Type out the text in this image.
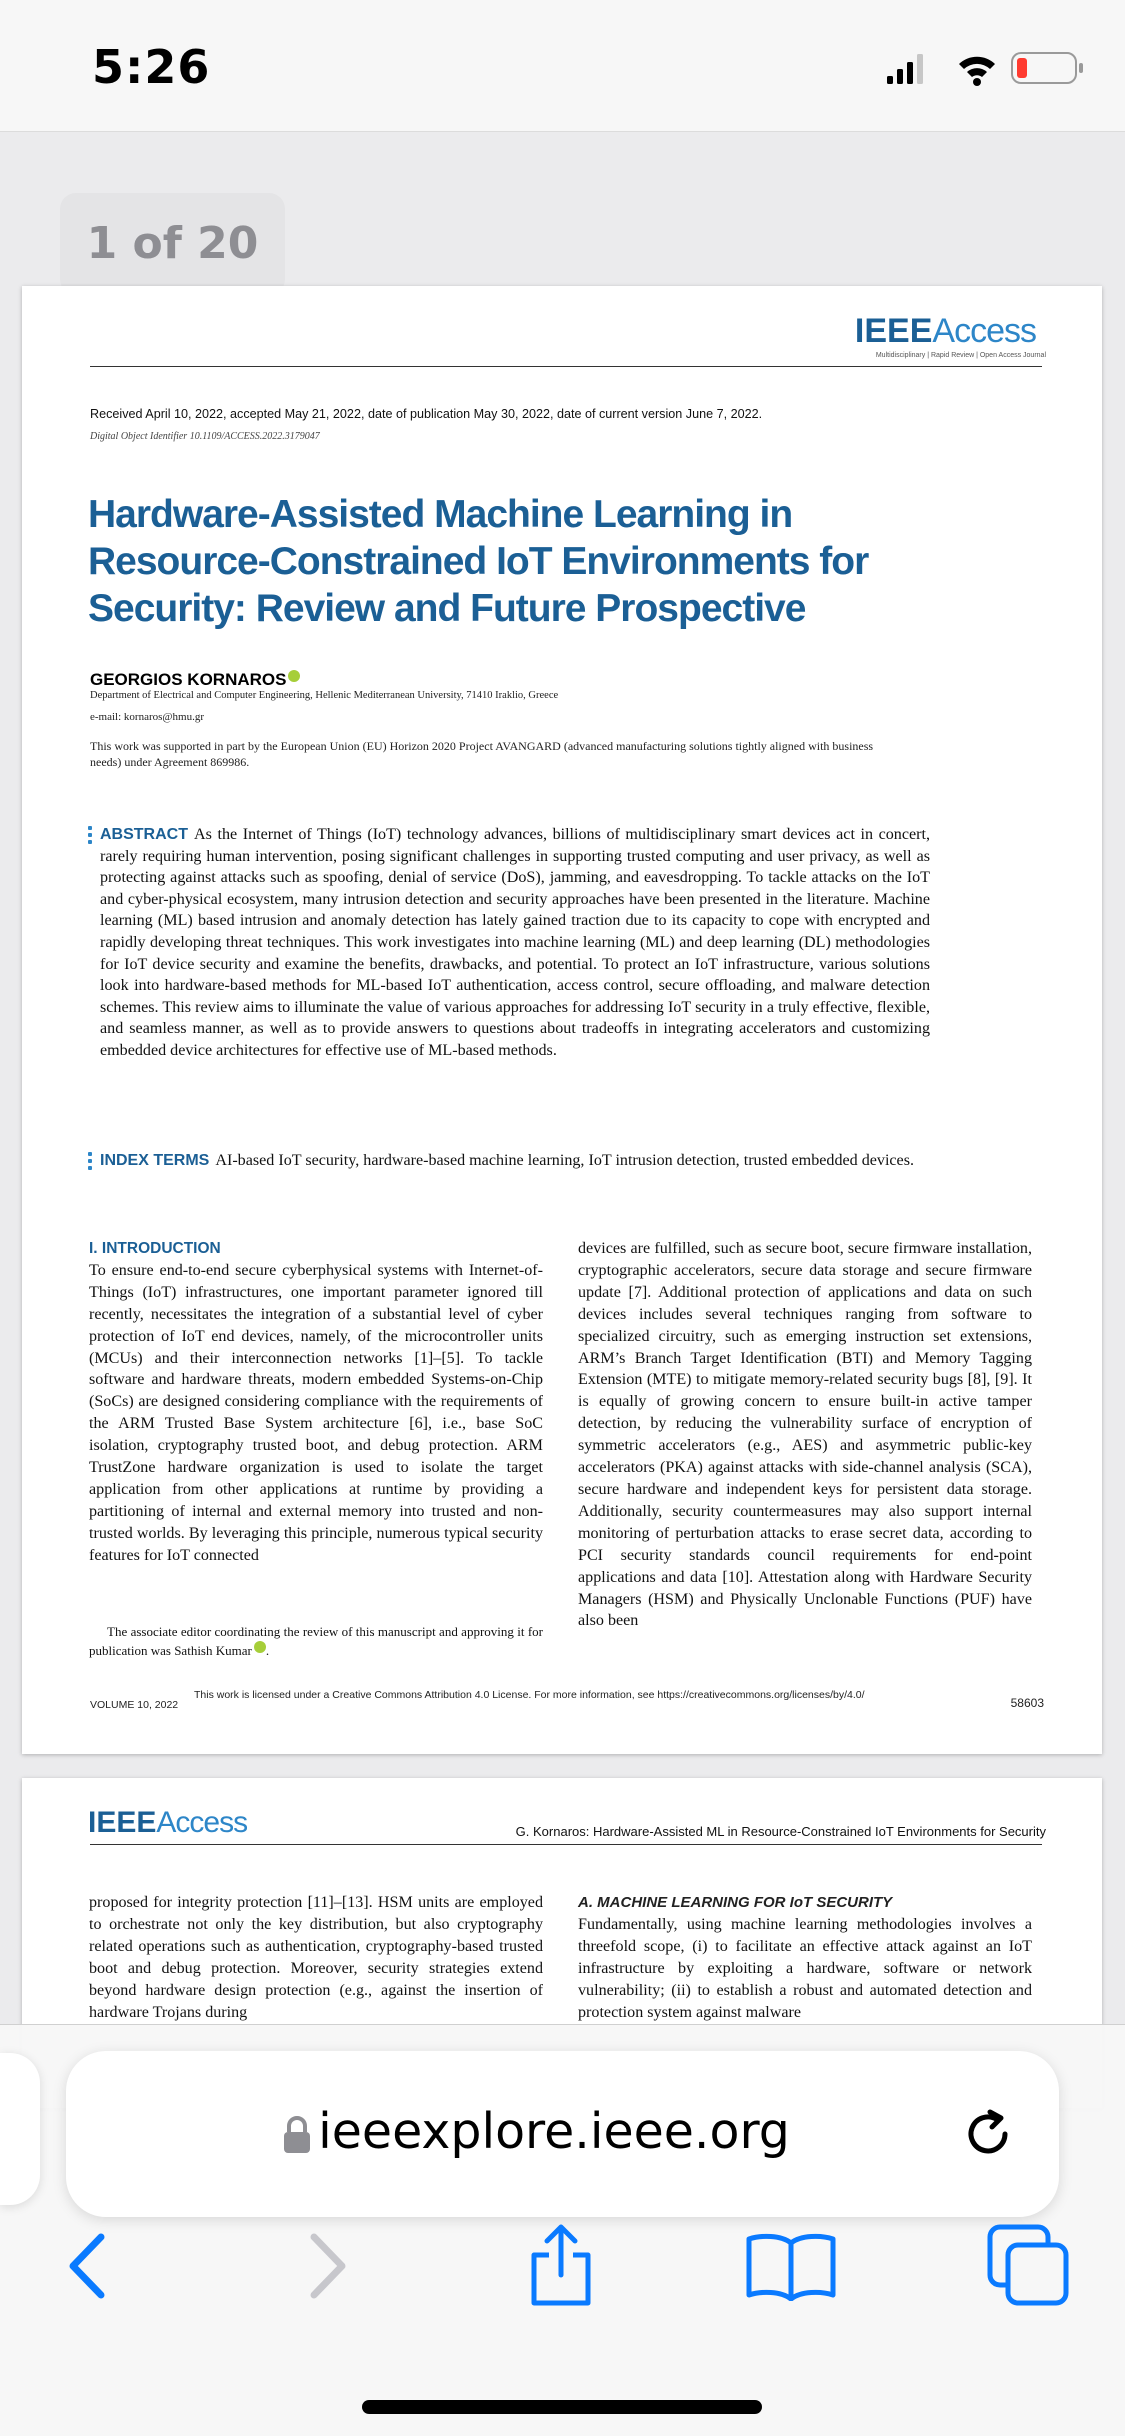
5:26
1 of 20
IEEEAccess
Multidisciplinary | Rapid Review | Open Access Journal
Received April 10, 2022, accepted May 21, 2022, date of publication May 30, 2022, date of current version June 7, 2022.
Digital Object Identifier 10.1109/ACCESS.2022.3179047
Hardware-Assisted Machine Learning in
Resource-Constrained IoT Environments for
Security: Review and Future Prospective
GEORGIOS KORNAROS
Department of Electrical and Computer Engineering, Hellenic Mediterranean University, 71410 Iraklio, Greece
e-mail: kornaros@hmu.gr
This work was supported in part by the European Union (EU) Horizon 2020 Project AVANGARD (advanced manufacturing solutions tightly aligned with business needs) under Agreement 869986.
ABSTRACT As the Internet of Things (IoT) technology advances, billions of multidisciplinary smart devices act in concert, rarely requiring human intervention, posing significant challenges in supporting trusted computing and user privacy, as well as protecting against attacks such as spoofing, denial of service (DoS), jamming, and eavesdropping. To tackle attacks on the IoT and cyber-physical ecosystem, many intrusion detection and security approaches have been presented in the literature. Machine learning (ML) based intrusion and anomaly detection has lately gained traction due to its capacity to cope with encrypted and rapidly developing threat techniques. This work investigates into machine learning (ML) and deep learning (DL) methodologies for IoT device security and examine the benefits, drawbacks, and potential. To protect an IoT infrastructure, various solutions look into hardware-based methods for ML-based IoT authentication, access control, secure offloading, and malware detection schemes. This review aims to illuminate the value of various approaches for addressing IoT security in a truly effective, flexible, and seamless manner, as well as to provide answers to questions about tradeoffs in integrating accelerators and customizing embedded device architectures for effective use of ML-based methods.
INDEX TERMS AI-based IoT security, hardware-based machine learning, IoT intrusion detection, trusted embedded devices.
I. INTRODUCTION
To ensure end-to-end secure cyberphysical systems with Internet-of-Things (IoT) infrastructures, one important parameter ignored till recently, necessitates the integration of a substantial level of cyber protection of IoT end devices, namely, of the microcontroller units (MCUs) and their interconnection networks [1]–[5]. To tackle software and hardware threats, modern embedded Systems-on-Chip (SoCs) are designed considering compliance with the requirements of the ARM Trusted Base System architecture [6], i.e., base SoC isolation, cryptography trusted boot, and debug protection. ARM TrustZone hardware organization is used to isolate the target application from other applications at runtime by providing a partitioning of internal and external memory into trusted and non-trusted worlds. By leveraging this principle, numerous typical security features for IoT connected
devices are fulfilled, such as secure boot, secure firmware installation, cryptographic accelerators, secure data storage and secure firmware update [7]. Additional protection of applications and data on such devices includes several techniques ranging from software to specialized circuitry, such as emerging instruction set extensions, ARM’s Branch Target Identification (BTI) and Memory Tagging Extension (MTE) to mitigate memory-related security bugs [8], [9]. It is equally of growing concern to ensure built-in active tamper detection, by reducing the vulnerability surface of encryption of symmetric accelerators (e.g., AES) and asymmetric public-key accelerators (PKA) against attacks with side-channel analysis (SCA), secure hardware and independent keys for persistent data storage. Additionally, security countermeasures may also support internal monitoring of perturbation attacks to erase secret data, according to PCI security standards council requirements for end-point applications and data [10]. Attestation along with Hardware Security Managers (HSM) and Physically Unclonable Functions (PUF) have also been
The associate editor coordinating the review of this manuscript and approving it for publication was Sathish Kumar .
VOLUME 10, 2022
This work is licensed under a Creative Commons Attribution 4.0 License. For more information, see https://creativecommons.org/licenses/by/4.0/
58603
IEEEAccess	G. Kornaros: Hardware-Assisted ML in Resource-Constrained IoT Environments for Security
proposed for integrity protection [11]–[13]. HSM units are employed to orchestrate not only the key distribution, but also cryptography related operations such as authentication, cryptography-based trusted boot and debug protection. Moreover, security strategies extend beyond hardware design protection (e.g., against the insertion of hardware Trojans during
A. MACHINE LEARNING FOR IoT SECURITY
Fundamentally, using machine learning methodologies involves a threefold scope, (i) to facilitate an effective attack against an IoT infrastructure by exploiting a hardware, software or network vulnerability; (ii) to establish a robust and automated detection and protection system against malware
ieeexplore.ieee.org
